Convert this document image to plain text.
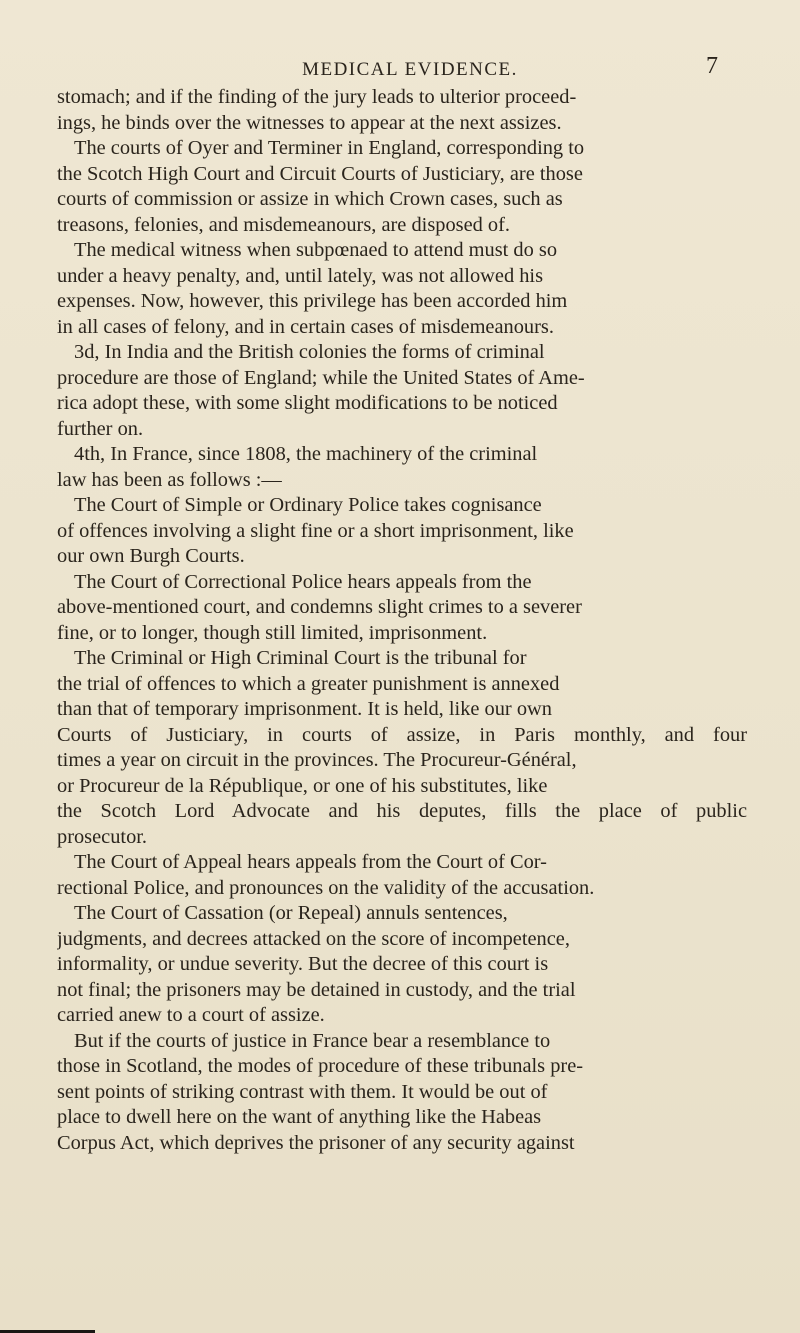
MEDICAL EVIDENCE.	7
stomach; and if the finding of the jury leads to ulterior proceed-
ings, he binds over the witnesses to appear at the next assizes.
The courts of Oyer and Terminer in England, corresponding to
the Scotch High Court and Circuit Courts of Justiciary, are those
courts of commission or assize in which Crown cases, such as
treasons, felonies, and misdemeanours, are disposed of.
The medical witness when subpœnaed to attend must do so
under a heavy penalty, and, until lately, was not allowed his
expenses. Now, however, this privilege has been accorded him
in all cases of felony, and in certain cases of misdemeanours.
3d, In India and the British colonies the forms of criminal
procedure are those of England; while the United States of Ame-
rica adopt these, with some slight modifications to be noticed
further on.
4th, In France, since 1808, the machinery of the criminal
law has been as follows :—
The Court of Simple or Ordinary Police takes cognisance
of offences involving a slight fine or a short imprisonment, like
our own Burgh Courts.
The Court of Correctional Police hears appeals from the
above-mentioned court, and condemns slight crimes to a severer
fine, or to longer, though still limited, imprisonment.
The Criminal or High Criminal Court is the tribunal for
the trial of offences to which a greater punishment is annexed
than that of temporary imprisonment. It is held, like our own
Courts of Justiciary, in courts of assize, in Paris monthly, and four
times a year on circuit in the provinces. The Procureur-Général,
or Procureur de la République, or one of his substitutes, like
the Scotch Lord Advocate and his deputes, fills the place of public
prosecutor.
The Court of Appeal hears appeals from the Court of Cor-
rectional Police, and pronounces on the validity of the accusation.
The Court of Cassation (or Repeal) annuls sentences,
judgments, and decrees attacked on the score of incompetence,
informality, or undue severity. But the decree of this court is
not final; the prisoners may be detained in custody, and the trial
carried anew to a court of assize.
But if the courts of justice in France bear a resemblance to
those in Scotland, the modes of procedure of these tribunals pre-
sent points of striking contrast with them. It would be out of
place to dwell here on the want of anything like the Habeas
Corpus Act, which deprives the prisoner of any security against
